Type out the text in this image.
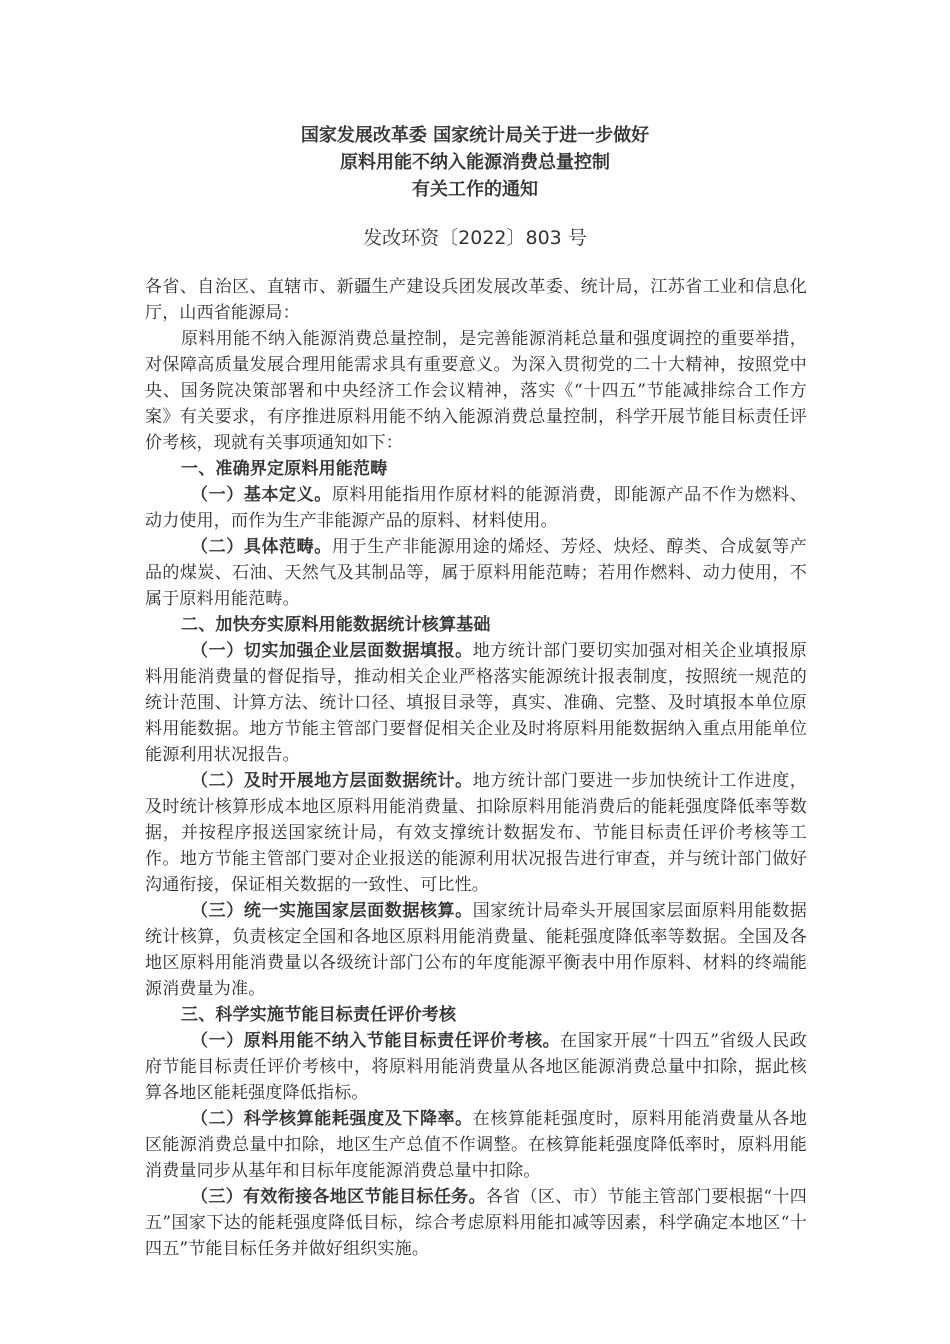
国家发展改革委 国家统计局关于进一步做好
原料用能不纳入能源消费总量控制
有关工作的通知
发改环资〔2022〕803 号

各省、自治区、直辖市、新疆生产建设兵团发展改革委、统计局，江苏省工业和信息化厅，山西省能源局：

原料用能不纳入能源消费总量控制，是完善能源消耗总量和强度调控的重要举措，对保障高质量发展合理用能需求具有重要意义。为深入贯彻党的二十大精神，按照党中央、国务院决策部署和中央经济工作会议精神，落实《“十四五”节能减排综合工作方案》有关要求，有序推进原料用能不纳入能源消费总量控制，科学开展节能目标责任评价考核，现就有关事项通知如下：

一、准确界定原料用能范畴

（一）基本定义。原料用能指用作原材料的能源消费，即能源产品不作为燃料、动力使用，而作为生产非能源产品的原料、材料使用。

（二）具体范畴。用于生产非能源用途的烯烃、芳烃、炔烃、醇类、合成氨等产品的煤炭、石油、天然气及其制品等，属于原料用能范畴；若用作燃料、动力使用，不属于原料用能范畴。

二、加快夯实原料用能数据统计核算基础

（一）切实加强企业层面数据填报。地方统计部门要切实加强对相关企业填报原料用能消费量的督促指导，推动相关企业严格落实能源统计报表制度，按照统一规范的统计范围、计算方法、统计口径、填报目录等，真实、准确、完整、及时填报本单位原料用能数据。地方节能主管部门要督促相关企业及时将原料用能数据纳入重点用能单位能源利用状况报告。

（二）及时开展地方层面数据统计。地方统计部门要进一步加快统计工作进度，及时统计核算形成本地区原料用能消费量、扣除原料用能消费后的能耗强度降低率等数据，并按程序报送国家统计局，有效支撑统计数据发布、节能目标责任评价考核等工作。地方节能主管部门要对企业报送的能源利用状况报告进行审查，并与统计部门做好沟通衔接，保证相关数据的一致性、可比性。

（三）统一实施国家层面数据核算。国家统计局牵头开展国家层面原料用能数据统计核算，负责核定全国和各地区原料用能消费量、能耗强度降低率等数据。全国及各地区原料用能消费量以各级统计部门公布的年度能源平衡表中用作原料、材料的终端能源消费量为准。

三、科学实施节能目标责任评价考核

（一）原料用能不纳入节能目标责任评价考核。在国家开展“十四五”省级人民政府节能目标责任评价考核中，将原料用能消费量从各地区能源消费总量中扣除，据此核算各地区能耗强度降低指标。

（二）科学核算能耗强度及下降率。在核算能耗强度时，原料用能消费量从各地区能源消费总量中扣除，地区生产总值不作调整。在核算能耗强度降低率时，原料用能消费量同步从基年和目标年度能源消费总量中扣除。

（三）有效衔接各地区节能目标任务。各省（区、市）节能主管部门要根据“十四五”国家下达的能耗强度降低目标，综合考虑原料用能扣减等因素，科学确定本地区“十四五”节能目标任务并做好组织实施。
